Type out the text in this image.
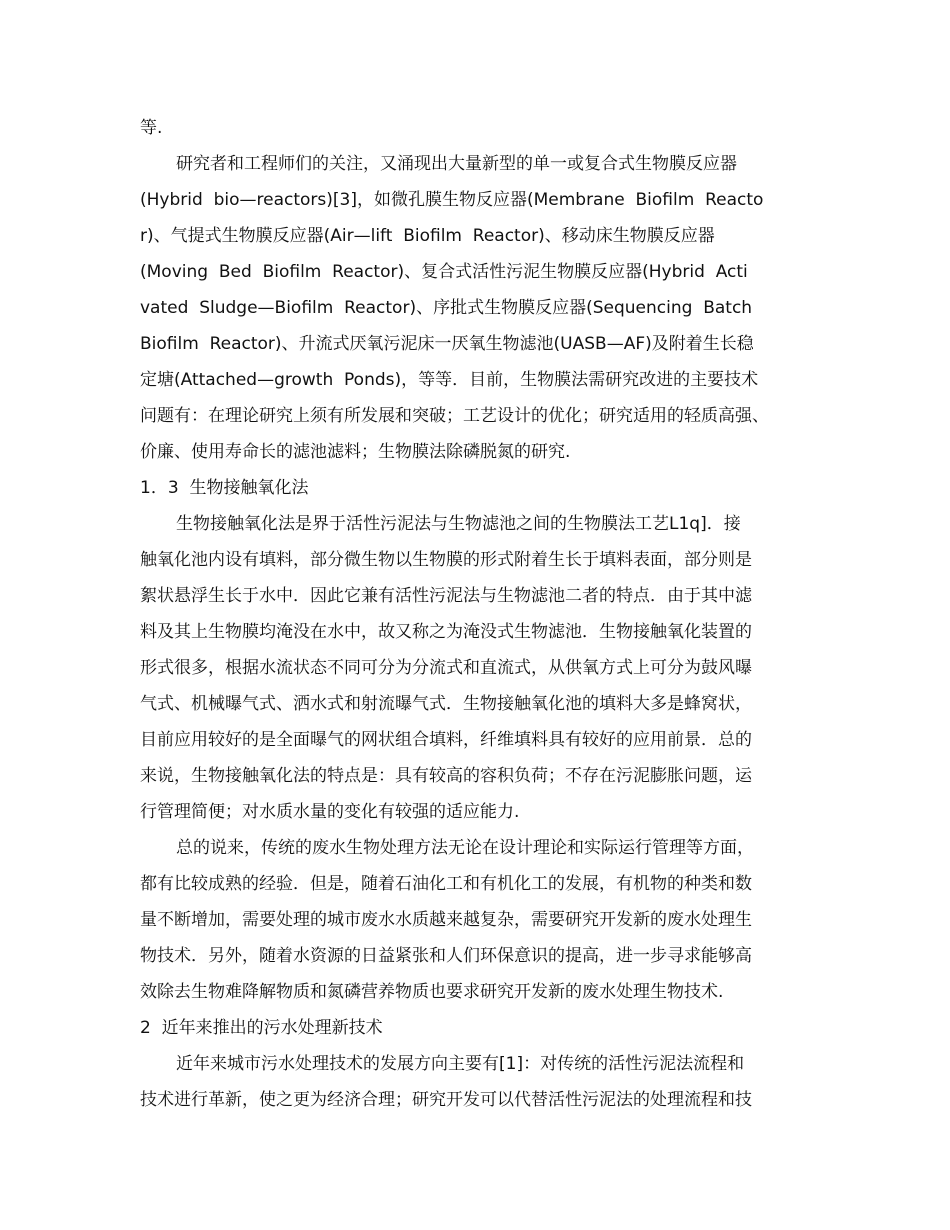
等.
研究者和工程师们的关注，又涌现出大量新型的单一或复合式生物膜反应器
(Hybrid  bio—reactors)[3]，如微孔膜生物反应器(Membrane  Biofilm  Reacto
r)、气提式生物膜反应器(Air—lift  Biofilm  Reactor)、移动床生物膜反应器
(Moving  Bed  Biofilm  Reactor)、复合式活性污泥生物膜反应器(Hybrid  Acti
vated  Sludge—Biofilm  Reactor)、序批式生物膜反应器(Sequencing  Batch
Biofilm  Reactor)、升流式厌氧污泥床一厌氧生物滤池(UASB—AF)及附着生长稳
定塘(Attached—growth  Ponds)，等等．目前，生物膜法需研究改进的主要技术
问题有：在理论研究上须有所发展和突破；工艺设计的优化；研究适用的轻质高强、
价廉、使用寿命长的滤池滤料；生物膜法除磷脱氮的研究.
1．3  生物接触氧化法
生物接触氧化法是界于活性污泥法与生物滤池之间的生物膜法工艺L1q]．接
触氧化池内设有填料，部分微生物以生物膜的形式附着生长于填料表面，部分则是
絮状悬浮生长于水中．因此它兼有活性污泥法与生物滤池二者的特点．由于其中滤
料及其上生物膜均淹没在水中，故又称之为淹没式生物滤池．生物接触氧化装置的
形式很多，根据水流状态不同可分为分流式和直流式，从供氧方式上可分为鼓风曝
气式、机械曝气式、洒水式和射流曝气式．生物接触氧化池的填料大多是蜂窝状，
目前应用较好的是全面曝气的网状组合填料，纤维填料具有较好的应用前景．总的
来说，生物接触氧化法的特点是：具有较高的容积负荷；不存在污泥膨胀问题，运
行管理简便；对水质水量的变化有较强的适应能力.
总的说来，传统的废水生物处理方法无论在设计理论和实际运行管理等方面，
都有比较成熟的经验．但是，随着石油化工和有机化工的发展，有机物的种类和数
量不断增加，需要处理的城市废水水质越来越复杂，需要研究开发新的废水处理生
物技术．另外，随着水资源的日益紧张和人们环保意识的提高，进一步寻求能够高
效除去生物难降解物质和氮磷营养物质也要求研究开发新的废水处理生物技术.
2  近年来推出的污水处理新技术
近年来城市污水处理技术的发展方向主要有[1]：对传统的活性污泥法流程和
技术进行革新，使之更为经济合理；研究开发可以代替活性污泥法的处理流程和技
